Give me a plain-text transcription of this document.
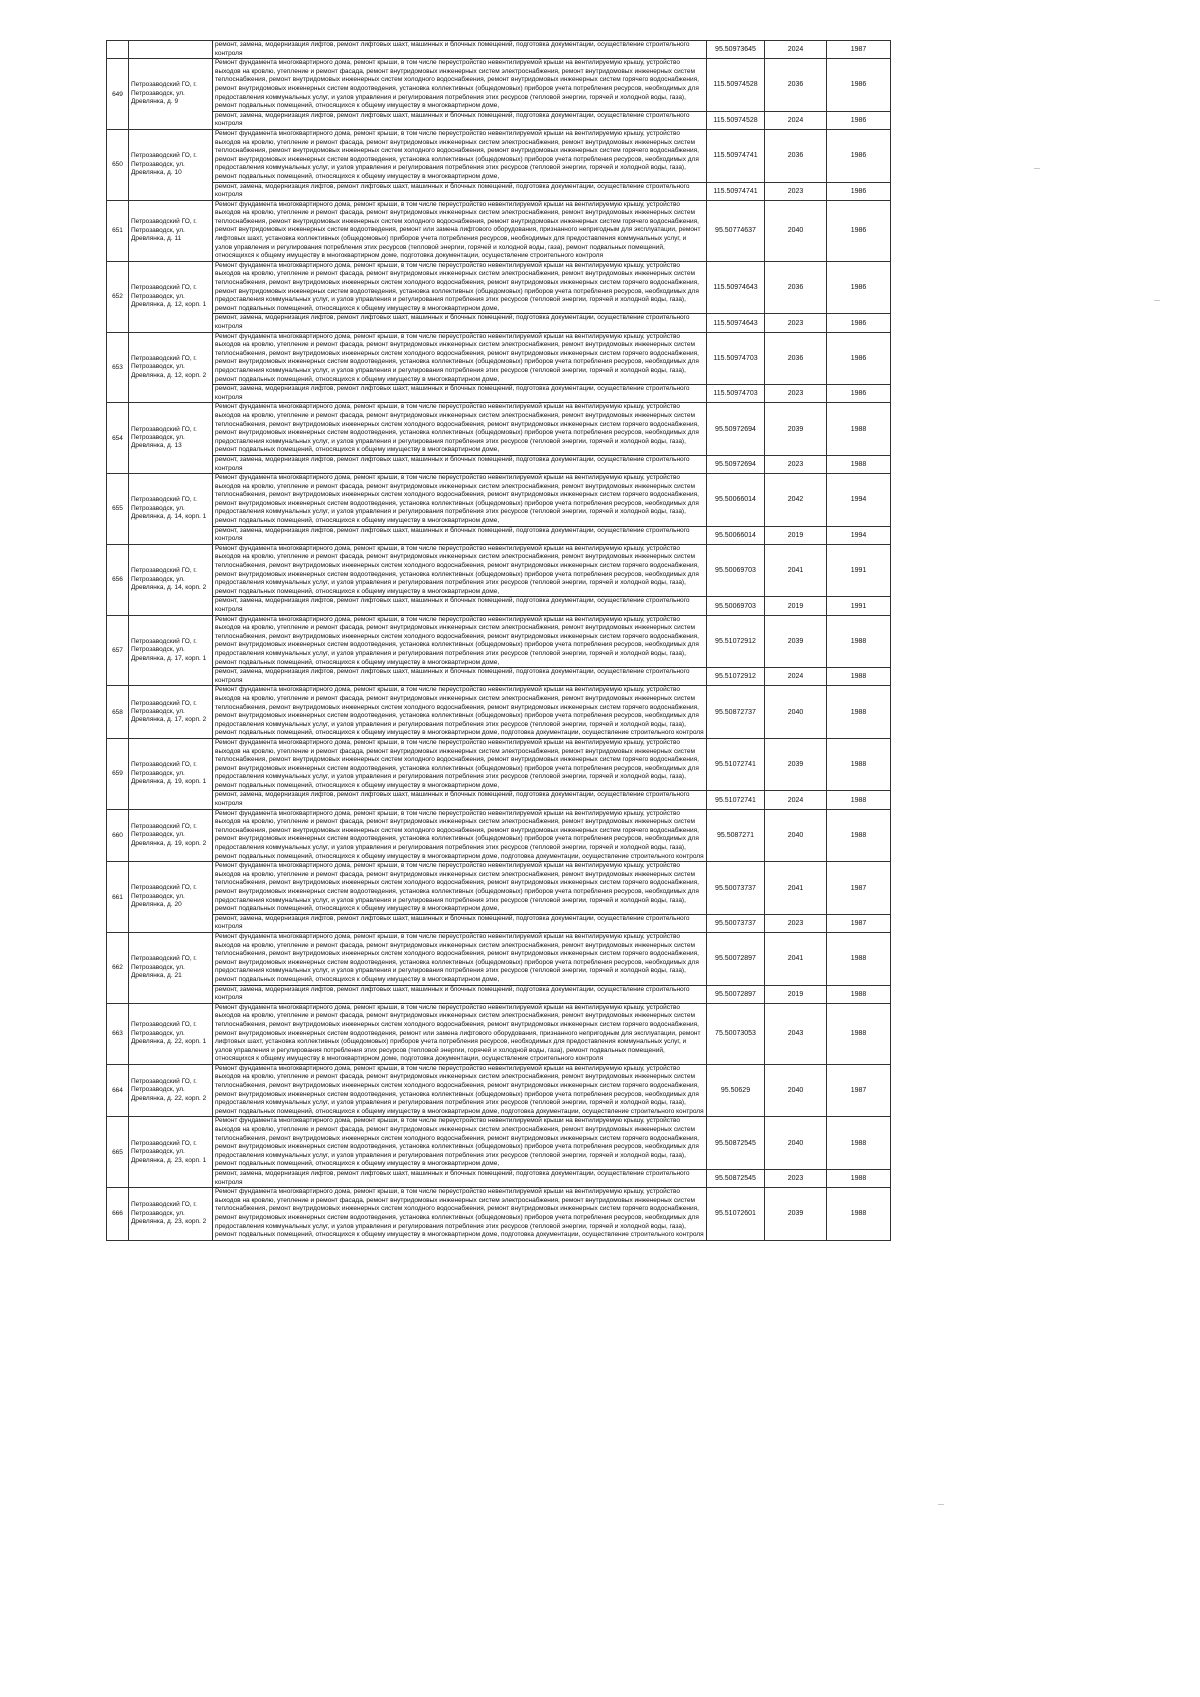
		ремонт, замена, модернизация лифтов, ремонт лифтовых шахт, машинных и блочных помещений, подготовка документации, осуществление строительного контроля	95.50973645	2024	1987
649	Петрозаводский ГО, г. Петрозаводск, ул. Древлянка, д. 9	Ремонт фундамента многоквартирного дома, ремонт крыши, в том числе переустройство невентилируемой крыши на вентилируемую крышу, устройство выходов на кровлю, утепление и ремонт фасада, ремонт внутридомовых инженерных систем электроснабжения, ремонт внутридомовых инженерных систем теплоснабжения, ремонт внутридомовых инженерных систем холодного водоснабжения, ремонт внутридомовых инженерных систем горячего водоснабжения, ремонт внутридомовых инженерных систем водоотведения, установка коллективных (общедомовых) приборов учета потребления ресурсов, необходимых для предоставления коммунальных услуг, и узлов управления и регулирования потребления этих ресурсов (тепловой энергии, горячей и холодной воды, газа), ремонт подвальных помещений, относящихся к общему имуществу в многоквартирном доме,	115.50974528	2036	1986
		ремонт, замена, модернизация лифтов, ремонт лифтовых шахт, машинных и блочных помещений, подготовка документации, осуществление строительного контроля	115.50974528	2024	1986
650	Петрозаводский ГО, г. Петрозаводск, ул. Древлянка, д. 10	Ремонт фундамента многоквартирного дома, ремонт крыши, в том числе переустройство невентилируемой крыши на вентилируемую крышу, устройство выходов на кровлю, утепление и ремонт фасада, ремонт внутридомовых инженерных систем электроснабжения, ремонт внутридомовых инженерных систем теплоснабжения, ремонт внутридомовых инженерных систем холодного водоснабжения, ремонт внутридомовых инженерных систем горячего водоснабжения, ремонт внутридомовых инженерных систем водоотведения, установка коллективных (общедомовых) приборов учета потребления ресурсов, необходимых для предоставления коммунальных услуг, и узлов управления и регулирования потребления этих ресурсов (тепловой энергии, горячей и холодной воды, газа), ремонт подвальных помещений, относящихся к общему имуществу в многоквартирном доме,	115.50974741	2036	1986
		ремонт, замена, модернизация лифтов, ремонт лифтовых шахт, машинных и блочных помещений, подготовка документации, осуществление строительного контроля	115.50974741	2023	1986
651	Петрозаводский ГО, г. Петрозаводск, ул. Древлянка, д. 11	Ремонт фундамента многоквартирного дома, ремонт крыши, в том числе переустройство невентилируемой крыши на вентилируемую крышу, устройство выходов на кровлю, утепление и ремонт фасада, ремонт внутридомовых инженерных систем электроснабжения, ремонт внутридомовых инженерных систем теплоснабжения, ремонт внутридомовых инженерных систем холодного водоснабжения, ремонт внутридомовых инженерных систем горячего водоснабжения, ремонт внутридомовых инженерных систем водоотведения, ремонт или замена лифтового оборудования, признанного непригодным для эксплуатации, ремонт лифтовых шахт, установка коллективных (общедомовых) приборов учета потребления ресурсов, необходимых для предоставления коммунальных услуг, и узлов управления и регулирования потребления этих ресурсов (тепловой энергии, горячей и холодной воды, газа), ремонт подвальных помещений, относящихся к общему имуществу в многоквартирном доме, подготовка документации, осуществление строительного контроля	95.50774637	2040	1986
652	Петрозаводский ГО, г. Петрозаводск, ул. Древлянка, д. 12, корп. 1	Ремонт фундамента многоквартирного дома, ремонт крыши, в том числе переустройство невентилируемой крыши на вентилируемую крышу, устройство выходов на кровлю, утепление и ремонт фасада, ремонт внутридомовых инженерных систем электроснабжения, ремонт внутридомовых инженерных систем теплоснабжения, ремонт внутридомовых инженерных систем холодного водоснабжения, ремонт внутридомовых инженерных систем горячего водоснабжения, ремонт внутридомовых инженерных систем водоотведения, установка коллективных (общедомовых) приборов учета потребления ресурсов, необходимых для предоставления коммунальных услуг, и узлов управления и регулирования потребления этих ресурсов (тепловой энергии, горячей и холодной воды, газа), ремонт подвальных помещений, относящихся к общему имуществу в многоквартирном доме,	115.50974643	2036	1986
		ремонт, замена, модернизация лифтов, ремонт лифтовых шахт, машинных и блочных помещений, подготовка документации, осуществление строительного контроля	115.50974643	2023	1986
653	Петрозаводский ГО, г. Петрозаводск, ул. Древлянка, д. 12, корп. 2	Ремонт фундамента многоквартирного дома, ремонт крыши, в том числе переустройство невентилируемой крыши на вентилируемую крышу, устройство выходов на кровлю, утепление и ремонт фасада, ремонт внутридомовых инженерных систем электроснабжения, ремонт внутридомовых инженерных систем теплоснабжения, ремонт внутридомовых инженерных систем холодного водоснабжения, ремонт внутридомовых инженерных систем горячего водоснабжения, ремонт внутридомовых инженерных систем водоотведения, установка коллективных (общедомовых) приборов учета потребления ресурсов, необходимых для предоставления коммунальных услуг, и узлов управления и регулирования потребления этих ресурсов (тепловой энергии, горячей и холодной воды, газа), ремонт подвальных помещений, относящихся к общему имуществу в многоквартирном доме,	115.50974703	2036	1986
		ремонт, замена, модернизация лифтов, ремонт лифтовых шахт, машинных и блочных помещений, подготовка документации, осуществление строительного контроля	115.50974703	2023	1986
654	Петрозаводский ГО, г. Петрозаводск, ул. Древлянка, д. 13	Ремонт фундамента многоквартирного дома, ремонт крыши, в том числе переустройство невентилируемой крыши на вентилируемую крышу, устройство выходов на кровлю, утепление и ремонт фасада, ремонт внутридомовых инженерных систем электроснабжения, ремонт внутридомовых инженерных систем теплоснабжения, ремонт внутридомовых инженерных систем холодного водоснабжения, ремонт внутридомовых инженерных систем горячего водоснабжения, ремонт внутридомовых инженерных систем водоотведения, установка коллективных (общедомовых) приборов учета потребления ресурсов, необходимых для предоставления коммунальных услуг, и узлов управления и регулирования потребления этих ресурсов (тепловой энергии, горячей и холодной воды, газа), ремонт подвальных помещений, относящихся к общему имуществу в многоквартирном доме,	95.50972694	2039	1988
		ремонт, замена, модернизация лифтов, ремонт лифтовых шахт, машинных и блочных помещений, подготовка документации, осуществление строительного контроля	95.50972694	2023	1988
655	Петрозаводский ГО, г. Петрозаводск, ул. Древлянка, д. 14, корп. 1	Ремонт фундамента многоквартирного дома, ремонт крыши, в том числе переустройство невентилируемой крыши на вентилируемую крышу, устройство выходов на кровлю, утепление и ремонт фасада, ремонт внутридомовых инженерных систем электроснабжения, ремонт внутридомовых инженерных систем теплоснабжения, ремонт внутридомовых инженерных систем холодного водоснабжения, ремонт внутридомовых инженерных систем горячего водоснабжения, ремонт внутридомовых инженерных систем водоотведения, установка коллективных (общедомовых) приборов учета потребления ресурсов, необходимых для предоставления коммунальных услуг, и узлов управления и регулирования потребления этих ресурсов (тепловой энергии, горячей и холодной воды, газа), ремонт подвальных помещений, относящихся к общему имуществу в многоквартирном доме,	95.50066014	2042	1994
		ремонт, замена, модернизация лифтов, ремонт лифтовых шахт, машинных и блочных помещений, подготовка документации, осуществление строительного контроля	95.50066014	2019	1994
656	Петрозаводский ГО, г. Петрозаводск, ул. Древлянка, д. 14, корп. 2	Ремонт фундамента многоквартирного дома, ремонт крыши, в том числе переустройство невентилируемой крыши на вентилируемую крышу, устройство выходов на кровлю, утепление и ремонт фасада, ремонт внутридомовых инженерных систем электроснабжения, ремонт внутридомовых инженерных систем теплоснабжения, ремонт внутридомовых инженерных систем холодного водоснабжения, ремонт внутридомовых инженерных систем горячего водоснабжения, ремонт внутридомовых инженерных систем водоотведения, установка коллективных (общедомовых) приборов учета потребления ресурсов, необходимых для предоставления коммунальных услуг, и узлов управления и регулирования потребления этих ресурсов (тепловой энергии, горячей и холодной воды, газа), ремонт подвальных помещений, относящихся к общему имуществу в многоквартирном доме,	95.50069703	2041	1991
		ремонт, замена, модернизация лифтов, ремонт лифтовых шахт, машинных и блочных помещений, подготовка документации, осуществление строительного контроля	95.50069703	2019	1991
657	Петрозаводский ГО, г. Петрозаводск, ул. Древлянка, д. 17, корп. 1	Ремонт фундамента многоквартирного дома, ремонт крыши, в том числе переустройство невентилируемой крыши на вентилируемую крышу, устройство выходов на кровлю, утепление и ремонт фасада, ремонт внутридомовых инженерных систем электроснабжения, ремонт внутридомовых инженерных систем теплоснабжения, ремонт внутридомовых инженерных систем холодного водоснабжения, ремонт внутридомовых инженерных систем горячего водоснабжения, ремонт внутридомовых инженерных систем водоотведения, установка коллективных (общедомовых) приборов учета потребления ресурсов, необходимых для предоставления коммунальных услуг, и узлов управления и регулирования потребления этих ресурсов (тепловой энергии, горячей и холодной воды, газа), ремонт подвальных помещений, относящихся к общему имуществу в многоквартирном доме,	95.51072912	2039	1988
		ремонт, замена, модернизация лифтов, ремонт лифтовых шахт, машинных и блочных помещений, подготовка документации, осуществление строительного контроля	95.51072912	2024	1988
658	Петрозаводский ГО, г. Петрозаводск, ул. Древлянка, д. 17, корп. 2	Ремонт фундамента многоквартирного дома, ремонт крыши, в том числе переустройство невентилируемой крыши на вентилируемую крышу, устройство выходов на кровлю, утепление и ремонт фасада, ремонт внутридомовых инженерных систем электроснабжения, ремонт внутридомовых инженерных систем теплоснабжения, ремонт внутридомовых инженерных систем холодного водоснабжения, ремонт внутридомовых инженерных систем горячего водоснабжения, ремонт внутридомовых инженерных систем водоотведения, установка коллективных (общедомовых) приборов учета потребления ресурсов, необходимых для предоставления коммунальных услуг, и узлов управления и регулирования потребления этих ресурсов (тепловой энергии, горячей и холодной воды, газа), ремонт подвальных помещений, относящихся к общему имуществу в многоквартирном доме, подготовка документации, осуществление строительного контроля	95.50872737	2040	1988
659	Петрозаводский ГО, г. Петрозаводск, ул. Древлянка, д. 19, корп. 1	Ремонт фундамента многоквартирного дома, ремонт крыши, в том числе переустройство невентилируемой крыши на вентилируемую крышу, устройство выходов на кровлю, утепление и ремонт фасада, ремонт внутридомовых инженерных систем электроснабжения, ремонт внутридомовых инженерных систем теплоснабжения, ремонт внутридомовых инженерных систем холодного водоснабжения, ремонт внутридомовых инженерных систем горячего водоснабжения, ремонт внутридомовых инженерных систем водоотведения, установка коллективных (общедомовых) приборов учета потребления ресурсов, необходимых для предоставления коммунальных услуг, и узлов управления и регулирования потребления этих ресурсов (тепловой энергии, горячей и холодной воды, газа), ремонт подвальных помещений, относящихся к общему имуществу в многоквартирном доме,	95.51072741	2039	1988
		ремонт, замена, модернизация лифтов, ремонт лифтовых шахт, машинных и блочных помещений, подготовка документации, осуществление строительного контроля	95.51072741	2024	1988
660	Петрозаводский ГО, г. Петрозаводск, ул. Древлянка, д. 19, корп. 2	Ремонт фундамента многоквартирного дома, ремонт крыши, в том числе переустройство невентилируемой крыши на вентилируемую крышу, устройство выходов на кровлю, утепление и ремонт фасада, ремонт внутридомовых инженерных систем электроснабжения, ремонт внутридомовых инженерных систем теплоснабжения, ремонт внутридомовых инженерных систем холодного водоснабжения, ремонт внутридомовых инженерных систем горячего водоснабжения, ремонт внутридомовых инженерных систем водоотведения, установка коллективных (общедомовых) приборов учета потребления ресурсов, необходимых для предоставления коммунальных услуг, и узлов управления и регулирования потребления этих ресурсов (тепловой энергии, горячей и холодной воды, газа), ремонт подвальных помещений, относящихся к общему имуществу в многоквартирном доме, подготовка документации, осуществление строительного контроля	95.5087271	2040	1988
661	Петрозаводский ГО, г. Петрозаводск, ул. Древлянка, д. 20	Ремонт фундамента многоквартирного дома, ремонт крыши, в том числе переустройство невентилируемой крыши на вентилируемую крышу, устройство выходов на кровлю, утепление и ремонт фасада, ремонт внутридомовых инженерных систем электроснабжения, ремонт внутридомовых инженерных систем теплоснабжения, ремонт внутридомовых инженерных систем холодного водоснабжения, ремонт внутридомовых инженерных систем горячего водоснабжения, ремонт внутридомовых инженерных систем водоотведения, установка коллективных (общедомовых) приборов учета потребления ресурсов, необходимых для предоставления коммунальных услуг, и узлов управления и регулирования потребления этих ресурсов (тепловой энергии, горячей и холодной воды, газа), ремонт подвальных помещений, относящихся к общему имуществу в многоквартирном доме,	95.50073737	2041	1987
		ремонт, замена, модернизация лифтов, ремонт лифтовых шахт, машинных и блочных помещений, подготовка документации, осуществление строительного контроля	95.50073737	2023	1987
662	Петрозаводский ГО, г. Петрозаводск, ул. Древлянка, д. 21	Ремонт фундамента многоквартирного дома, ремонт крыши, в том числе переустройство невентилируемой крыши на вентилируемую крышу, устройство выходов на кровлю, утепление и ремонт фасада, ремонт внутридомовых инженерных систем электроснабжения, ремонт внутридомовых инженерных систем теплоснабжения, ремонт внутридомовых инженерных систем холодного водоснабжения, ремонт внутридомовых инженерных систем горячего водоснабжения, ремонт внутридомовых инженерных систем водоотведения, установка коллективных (общедомовых) приборов учета потребления ресурсов, необходимых для предоставления коммунальных услуг, и узлов управления и регулирования потребления этих ресурсов (тепловой энергии, горячей и холодной воды, газа), ремонт подвальных помещений, относящихся к общему имуществу в многоквартирном доме,	95.50072897	2041	1988
		ремонт, замена, модернизация лифтов, ремонт лифтовых шахт, машинных и блочных помещений, подготовка документации, осуществление строительного контроля	95.50072897	2019	1988
663	Петрозаводский ГО, г. Петрозаводск, ул. Древлянка, д. 22, корп. 1	Ремонт фундамента многоквартирного дома, ремонт крыши, в том числе переустройство невентилируемой крыши на вентилируемую крышу, устройство выходов на кровлю, утепление и ремонт фасада, ремонт внутридомовых инженерных систем электроснабжения, ремонт внутридомовых инженерных систем теплоснабжения, ремонт внутридомовых инженерных систем холодного водоснабжения, ремонт внутридомовых инженерных систем горячего водоснабжения, ремонт внутридомовых инженерных систем водоотведения, ремонт или замена лифтового оборудования, признанного непригодным для эксплуатации, ремонт лифтовых шахт, установка коллективных (общедомовых) приборов учета потребления ресурсов, необходимых для предоставления коммунальных услуг, и узлов управления и регулирования потребления этих ресурсов (тепловой энергии, горячей и холодной воды, газа), ремонт подвальных помещений, относящихся к общему имуществу в многоквартирном доме, подготовка документации, осуществление строительного контроля	75.50073053	2043	1988
664	Петрозаводский ГО, г. Петрозаводск, ул. Древлянка, д. 22, корп. 2	Ремонт фундамента многоквартирного дома, ремонт крыши, в том числе переустройство невентилируемой крыши на вентилируемую крышу, устройство выходов на кровлю, утепление и ремонт фасада, ремонт внутридомовых инженерных систем электроснабжения, ремонт внутридомовых инженерных систем теплоснабжения, ремонт внутридомовых инженерных систем холодного водоснабжения, ремонт внутридомовых инженерных систем горячего водоснабжения, ремонт внутридомовых инженерных систем водоотведения, установка коллективных (общедомовых) приборов учета потребления ресурсов, необходимых для предоставления коммунальных услуг, и узлов управления и регулирования потребления этих ресурсов (тепловой энергии, горячей и холодной воды, газа), ремонт подвальных помещений, относящихся к общему имуществу в многоквартирном доме, подготовка документации, осуществление строительного контроля	95.50629	2040	1987
665	Петрозаводский ГО, г. Петрозаводск, ул. Древлянка, д. 23, корп. 1	Ремонт фундамента многоквартирного дома, ремонт крыши, в том числе переустройство невентилируемой крыши на вентилируемую крышу, устройство выходов на кровлю, утепление и ремонт фасада, ремонт внутридомовых инженерных систем электроснабжения, ремонт внутридомовых инженерных систем теплоснабжения, ремонт внутридомовых инженерных систем холодного водоснабжения, ремонт внутридомовых инженерных систем горячего водоснабжения, ремонт внутридомовых инженерных систем водоотведения, установка коллективных (общедомовых) приборов учета потребления ресурсов, необходимых для предоставления коммунальных услуг, и узлов управления и регулирования потребления этих ресурсов (тепловой энергии, горячей и холодной воды, газа), ремонт подвальных помещений, относящихся к общему имуществу в многоквартирном доме,	95.50872545	2040	1988
		ремонт, замена, модернизация лифтов, ремонт лифтовых шахт, машинных и блочных помещений, подготовка документации, осуществление строительного контроля	95.50872545	2023	1988
666	Петрозаводский ГО, г. Петрозаводск, ул. Древлянка, д. 23, корп. 2	Ремонт фундамента многоквартирного дома, ремонт крыши, в том числе переустройство невентилируемой крыши на вентилируемую крышу, устройство выходов на кровлю, утепление и ремонт фасада, ремонт внутридомовых инженерных систем электроснабжения, ремонт внутридомовых инженерных систем теплоснабжения, ремонт внутридомовых инженерных систем холодного водоснабжения, ремонт внутридомовых инженерных систем горячего водоснабжения, ремонт внутридомовых инженерных систем водоотведения, установка коллективных (общедомовых) приборов учета потребления ресурсов, необходимых для предоставления коммунальных услуг, и узлов управления и регулирования потребления этих ресурсов (тепловой энергии, горячей и холодной воды, газа), ремонт подвальных помещений, относящихся к общему имуществу в многоквартирном доме, подготовка документации, осуществление строительного контроля	95.51072601	2039	1988
